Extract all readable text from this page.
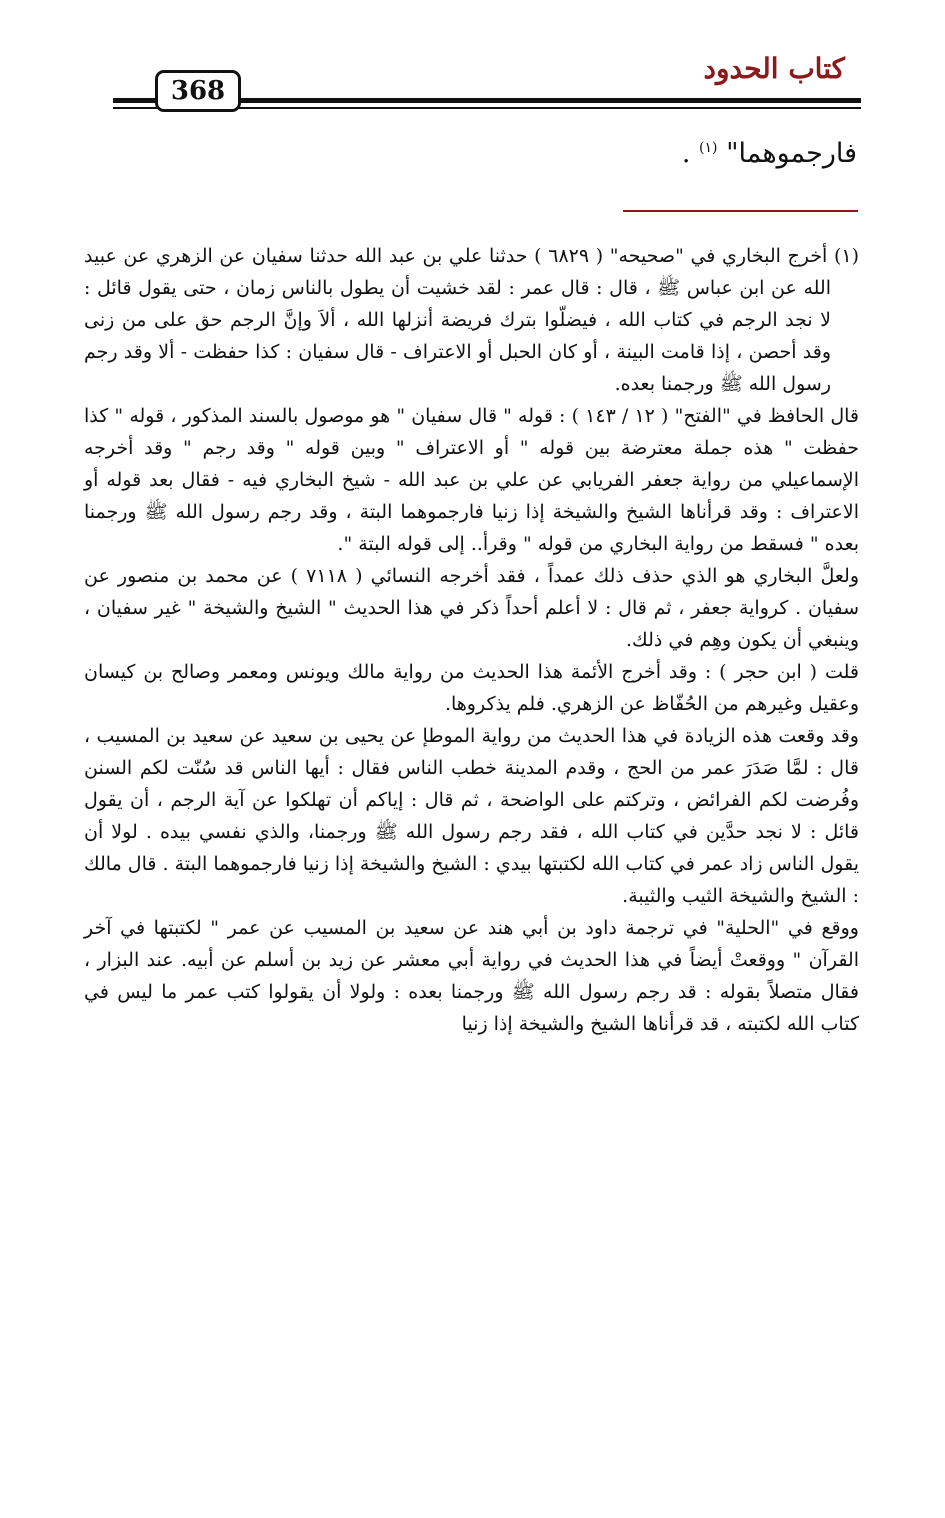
كتاب الحدود
368
فارجموهما" $^{(١)}$ .

(١) أخرج البخاري في "صحيحه" ( ٦٨٢٩ ) حدثنا علي بن عبد الله حدثنا سفيان عن الزهري عن عبيد الله عن ابن عباس ﷺ ، قال : قال عمر : لقد خشيت أن يطول بالناس زمان ، حتى يقول قائل : لا نجد الرجم في كتاب الله ، فيضلّوا بترك فريضة أنزلها الله ، ألاَ وإنَّ الرجم حق على من زنى وقد أحصن ، إذا قامت البينة ، أو كان الحبل أو الاعتراف - قال سفيان : كذا حفظت - ألا وقد رجم رسول الله ﷺ ورجمنا بعده.

قال الحافظ في "الفتح" ( ١٢ / ١٤٣ ) : قوله " قال سفيان " هو موصول بالسند المذكور ، قوله " كذا حفظت " هذه جملة معترضة بين قوله " أو الاعتراف " وبين قوله " وقد رجم " وقد أخرجه الإسماعيلي من رواية جعفر الفريابي عن علي بن عبد الله - شيخ البخاري فيه - فقال بعد قوله أو الاعتراف : وقد قرأناها الشيخ والشيخة إذا زنيا فارجموهما البتة ، وقد رجم رسول الله ﷺ ورجمنا بعده " فسقط من رواية البخاري من قوله " وقرأ.. إلى قوله البتة ".

ولعلَّ البخاري هو الذي حذف ذلك عمداً ، فقد أخرجه النسائي ( ٧١١٨ ) عن محمد بن منصور عن سفيان . كرواية جعفر ، ثم قال : لا أعلم أحداً ذكر في هذا الحديث " الشيخ والشيخة " غير سفيان ، وينبغي أن يكون وهِم في ذلك.

قلت ( ابن حجر ) : وقد أخرج الأئمة هذا الحديث من رواية مالك ويونس ومعمر وصالح بن كيسان وعقيل وغيرهم من الحُفّاظ عن الزهري. فلم يذكروها.

وقد وقعت هذه الزيادة في هذا الحديث من رواية الموطإ عن يحيى بن سعيد عن سعيد بن المسيب ، قال : لمَّا صَدَرَ عمر من الحج ، وقدم المدينة خطب الناس فقال : أيها الناس قد سُنّت لكم السنن وفُرضت لكم الفرائض ، وتركتم على الواضحة ، ثم قال : إياكم أن تهلكوا عن آية الرجم ، أن يقول قائل : لا نجد حدَّين في كتاب الله ، فقد رجم رسول الله ﷺ ورجمنا، والذي نفسي بيده . لولا أن يقول الناس زاد عمر في كتاب الله لكتبتها بيدي : الشيخ والشيخة إذا زنيا فارجموهما البتة . قال مالك : الشيخ والشيخة الثيب والثيبة.

ووقع في "الحلية" في ترجمة داود بن أبي هند عن سعيد بن المسيب عن عمر " لكتبتها في آخر القرآن " ووقعتْ أيضاً في هذا الحديث في رواية أبي معشر عن زيد بن أسلم عن أبيه. عند البزار ، فقال متصلاً بقوله : قد رجم رسول الله ﷺ ورجمنا بعده : ولولا أن يقولوا كتب عمر ما ليس في كتاب الله لكتبته ، قد قرأناها الشيخ والشيخة إذا زنيا
